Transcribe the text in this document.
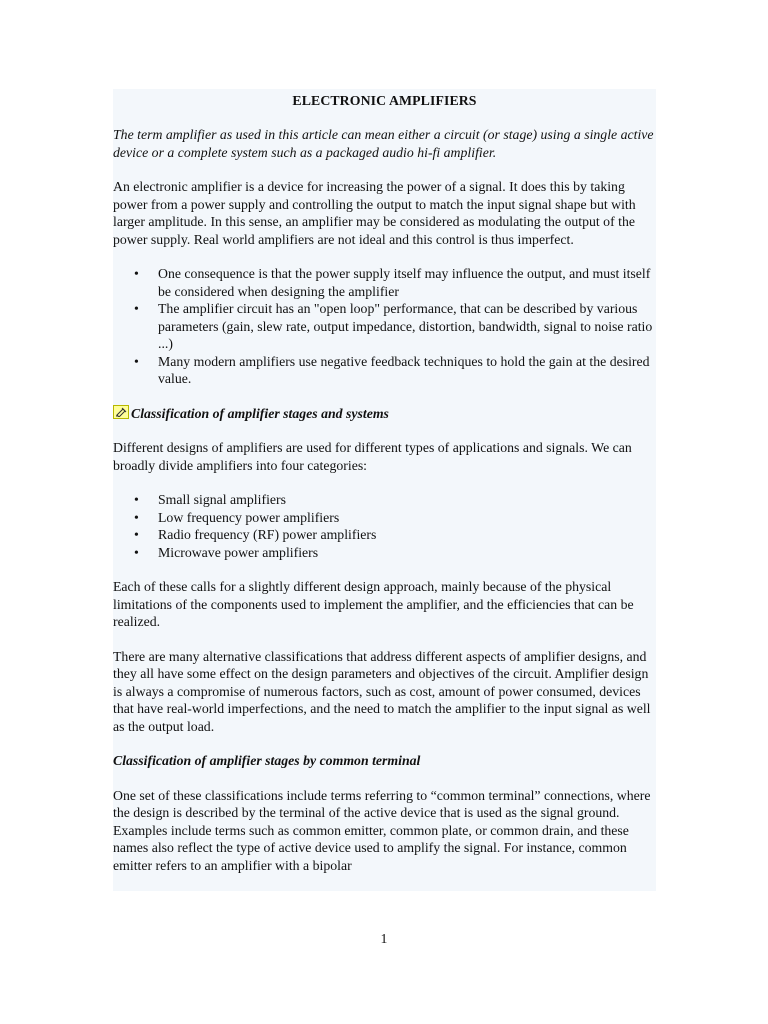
ELECTRONIC AMPLIFIERS

The term amplifier as used in this article can mean either a circuit (or stage) using a single active device or a complete system such as a packaged audio hi-fi amplifier.

An electronic amplifier is a device for increasing the power of a signal. It does this by taking power from a power supply and controlling the output to match the input signal shape but with larger amplitude. In this sense, an amplifier may be considered as modulating the output of the power supply. Real world amplifiers are not ideal and this control is thus imperfect.

• One consequence is that the power supply itself may influence the output, and must itself be considered when designing the amplifier
• The amplifier circuit has an "open loop" performance, that can be described by various parameters (gain, slew rate, output impedance, distortion, bandwidth, signal to noise ratio ...)
• Many modern amplifiers use negative feedback techniques to hold the gain at the desired value.
Classification of amplifier stages and systems

Different designs of amplifiers are used for different types of applications and signals. We can broadly divide amplifiers into four categories:

• Small signal amplifiers
• Low frequency power amplifiers
• Radio frequency (RF) power amplifiers
• Microwave power amplifiers

Each of these calls for a slightly different design approach, mainly because of the physical limitations of the components used to implement the amplifier, and the efficiencies that can be realized.

There are many alternative classifications that address different aspects of amplifier designs, and they all have some effect on the design parameters and objectives of the circuit. Amplifier design is always a compromise of numerous factors, such as cost, amount of power consumed, devices that have real-world imperfections, and the need to match the amplifier to the input signal as well as the output load.

Classification of amplifier stages by common terminal

One set of these classifications include terms referring to “common terminal” connections, where the design is described by the terminal of the active device that is used as the signal ground. Examples include terms such as common emitter, common plate, or common drain, and these names also reflect the type of active device used to amplify the signal. For instance, common emitter refers to an amplifier with a bipolar

1
